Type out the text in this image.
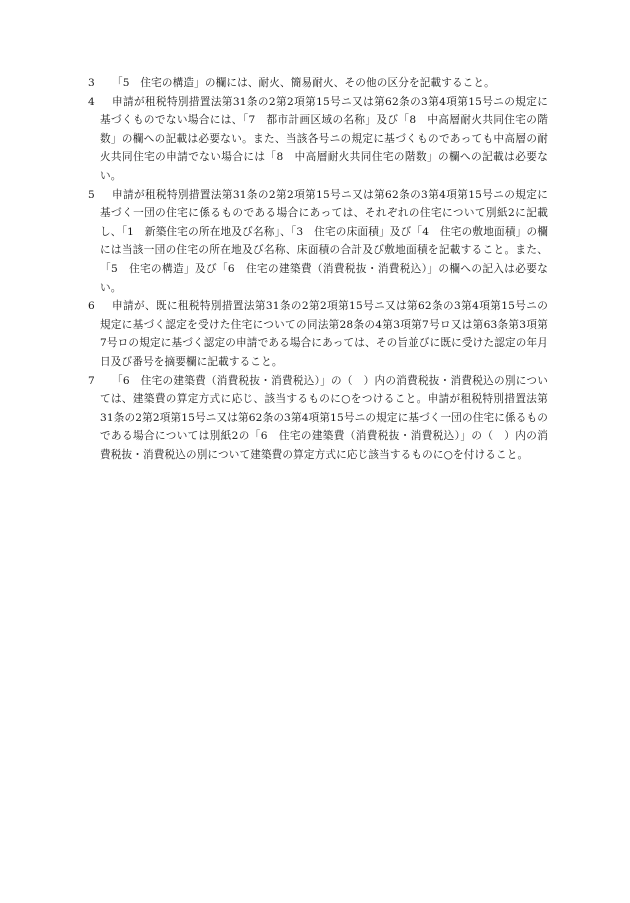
3	「5　住宅の構造」の欄には、耐火、簡易耐火、その他の区分を記載すること。

4	申請が租税特別措置法第31条の2第2項第15号ニ又は第62条の3第4項第15号ニの規定に基づくものでない場合には、「7　都市計画区域の名称」及び「8　中高層耐火共同住宅の階数」の欄への記載は必要ない。また、当該各号ニの規定に基づくものであっても中高層の耐火共同住宅の申請でない場合には「8　中高層耐火共同住宅の階数」の欄への記載は必要ない。

5	申請が租税特別措置法第31条の2第2項第15号ニ又は第62条の3第4項第15号ニの規定に基づく一団の住宅に係るものである場合にあっては、それぞれの住宅について別紙2に記載し、「1　新築住宅の所在地及び名称」、「3　住宅の床面積」及び「4　住宅の敷地面積」の欄には当該一団の住宅の所在地及び名称、床面積の合計及び敷地面積を記載すること。また、「5　住宅の構造」及び「6　住宅の建築費（消費税抜・消費税込）」の欄への記入は必要ない。

6	申請が、既に租税特別措置法第31条の2第2項第15号ニ又は第62条の3第4項第15号ニの規定に基づく認定を受けた住宅についての同法第28条の4第3項第7号ロ又は第63条第3項第7号ロの規定に基づく認定の申請である場合にあっては、その旨並びに既に受けた認定の年月日及び番号を摘要欄に記載すること。

7	「6　住宅の建築費（消費税抜・消費税込）」の（　）内の消費税抜・消費税込の別については、建築費の算定方式に応じ、該当するものに○をつけること。申請が租税特別措置法第31条の2第2項第15号ニ又は第62条の3第4項第15号ニの規定に基づく一団の住宅に係るものである場合については別紙2の「6　住宅の建築費（消費税抜・消費税込）」の（　）内の消費税抜・消費税込の別について建築費の算定方式に応じ該当するものに○を付けること。
